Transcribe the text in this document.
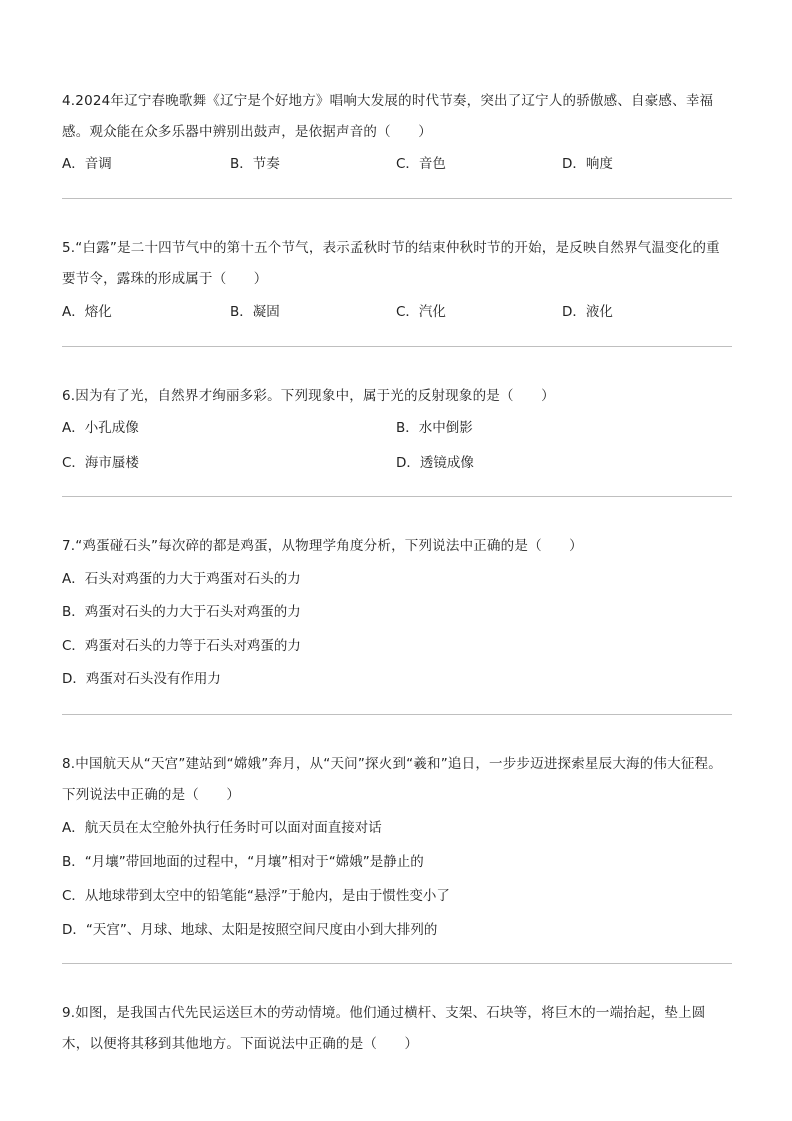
4.2024年辽宁春晚歌舞《辽宁是个好地方》唱响大发展的时代节奏，突出了辽宁人的骄傲感、自豪感、幸福感。观众能在众多乐器中辨别出鼓声，是依据声音的（　　）

A．音调	B．节奏	C．音色	D．响度

5.“白露”是二十四节气中的第十五个节气，表示孟秋时节的结束仲秋时节的开始，是反映自然界气温变化的重要节令，露珠的形成属于（　　）

A．熔化	B．凝固	C．汽化	D．液化

6.因为有了光，自然界才绚丽多彩。下列现象中，属于光的反射现象的是（　　）

A．小孔成像	B．水中倒影

C．海市蜃楼	D．透镜成像

7.“鸡蛋碰石头”每次碎的都是鸡蛋，从物理学角度分析，下列说法中正确的是（　　）

A．石头对鸡蛋的力大于鸡蛋对石头的力

B．鸡蛋对石头的力大于石头对鸡蛋的力

C．鸡蛋对石头的力等于石头对鸡蛋的力

D．鸡蛋对石头没有作用力

8.中国航天从“天宫”建站到“嫦娥”奔月，从“天问”探火到“羲和”追日，一步步迈进探索星辰大海的伟大征程。下列说法中正确的是（　　）

A．航天员在太空舱外执行任务时可以面对面直接对话

B．“月壤”带回地面的过程中，“月壤”相对于“嫦娥”是静止的

C．从地球带到太空中的铅笔能“悬浮”于舱内，是由于惯性变小了

D．“天宫”、月球、地球、太阳是按照空间尺度由小到大排列的

9.如图，是我国古代先民运送巨木的劳动情境。他们通过横杆、支架、石块等，将巨木的一端抬起，垫上圆木，以便将其移到其他地方。下面说法中正确的是（　　）
